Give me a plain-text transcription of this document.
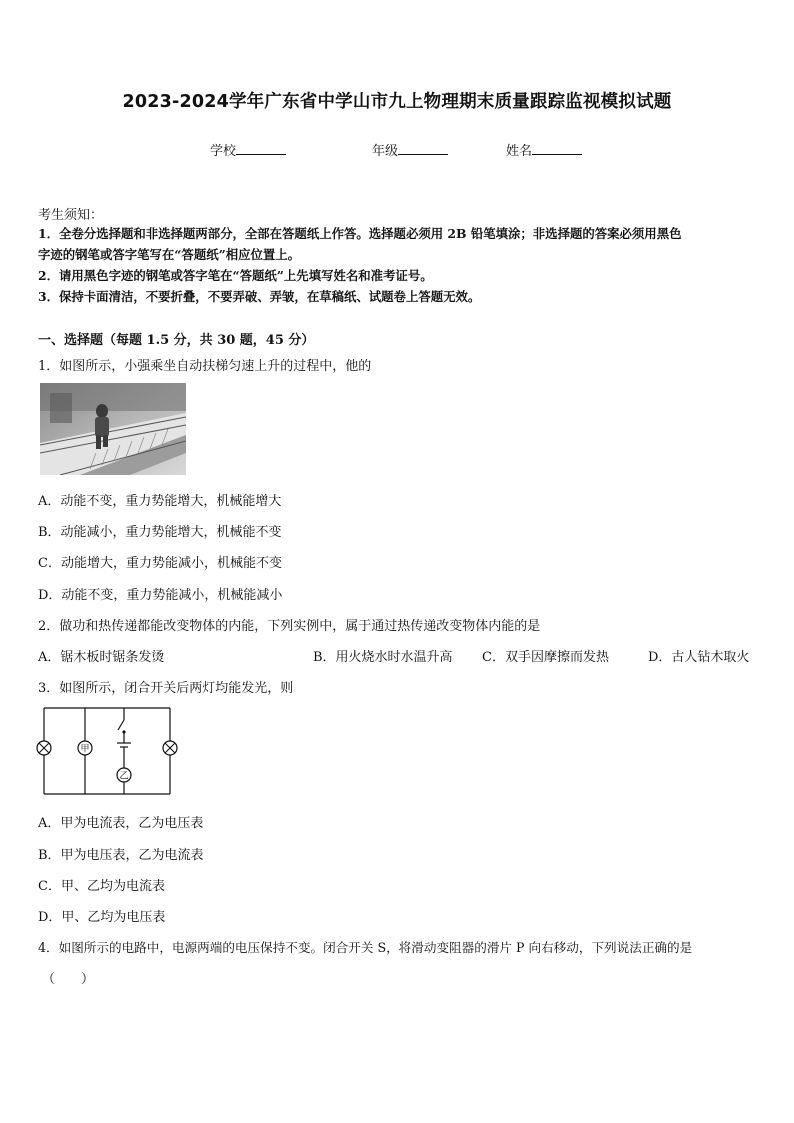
2023-2024学年广东省中学山市九上物理期末质量跟踪监视模拟试题
学校	年级	姓名
考生须知：
1．全卷分选择题和非选择题两部分，全部在答题纸上作答。选择题必须用 2B 铅笔填涂；非选择题的答案必须用黑色
字迹的钢笔或答字笔写在“答题纸”相应位置上。
2．请用黑色字迹的钢笔或答字笔在“答题纸”上先填写姓名和准考证号。
3．保持卡面清洁，不要折叠，不要弄破、弄皱，在草稿纸、试题卷上答题无效。
一、选择题（每题 1.5 分，共 30 题，45 分）
1．如图所示，小强乘坐自动扶梯匀速上升的过程中，他的
A．动能不变，重力势能增大，机械能增大
B．动能减小，重力势能增大，机械能不变
C．动能增大，重力势能减小，机械能不变
D．动能不变，重力势能减小，机械能减小
2．做功和热传递都能改变物体的内能，下列实例中，属于通过热传递改变物体内能的是
A．锯木板时锯条发烫	B．用火烧水时水温升高 C．双手因摩擦而发热	D．古人钻木取火
3．如图所示，闭合开关后两灯均能发光，则
甲
乙
A．甲为电流表，乙为电压表
B．甲为电压表，乙为电流表
C．甲、乙均为电流表
D．甲、乙均为电压表
4．如图所示的电路中，电源两端的电压保持不变。闭合开关 S，将滑动变阻器的滑片 P 向右移动，下列说法正确的是
（　　）
